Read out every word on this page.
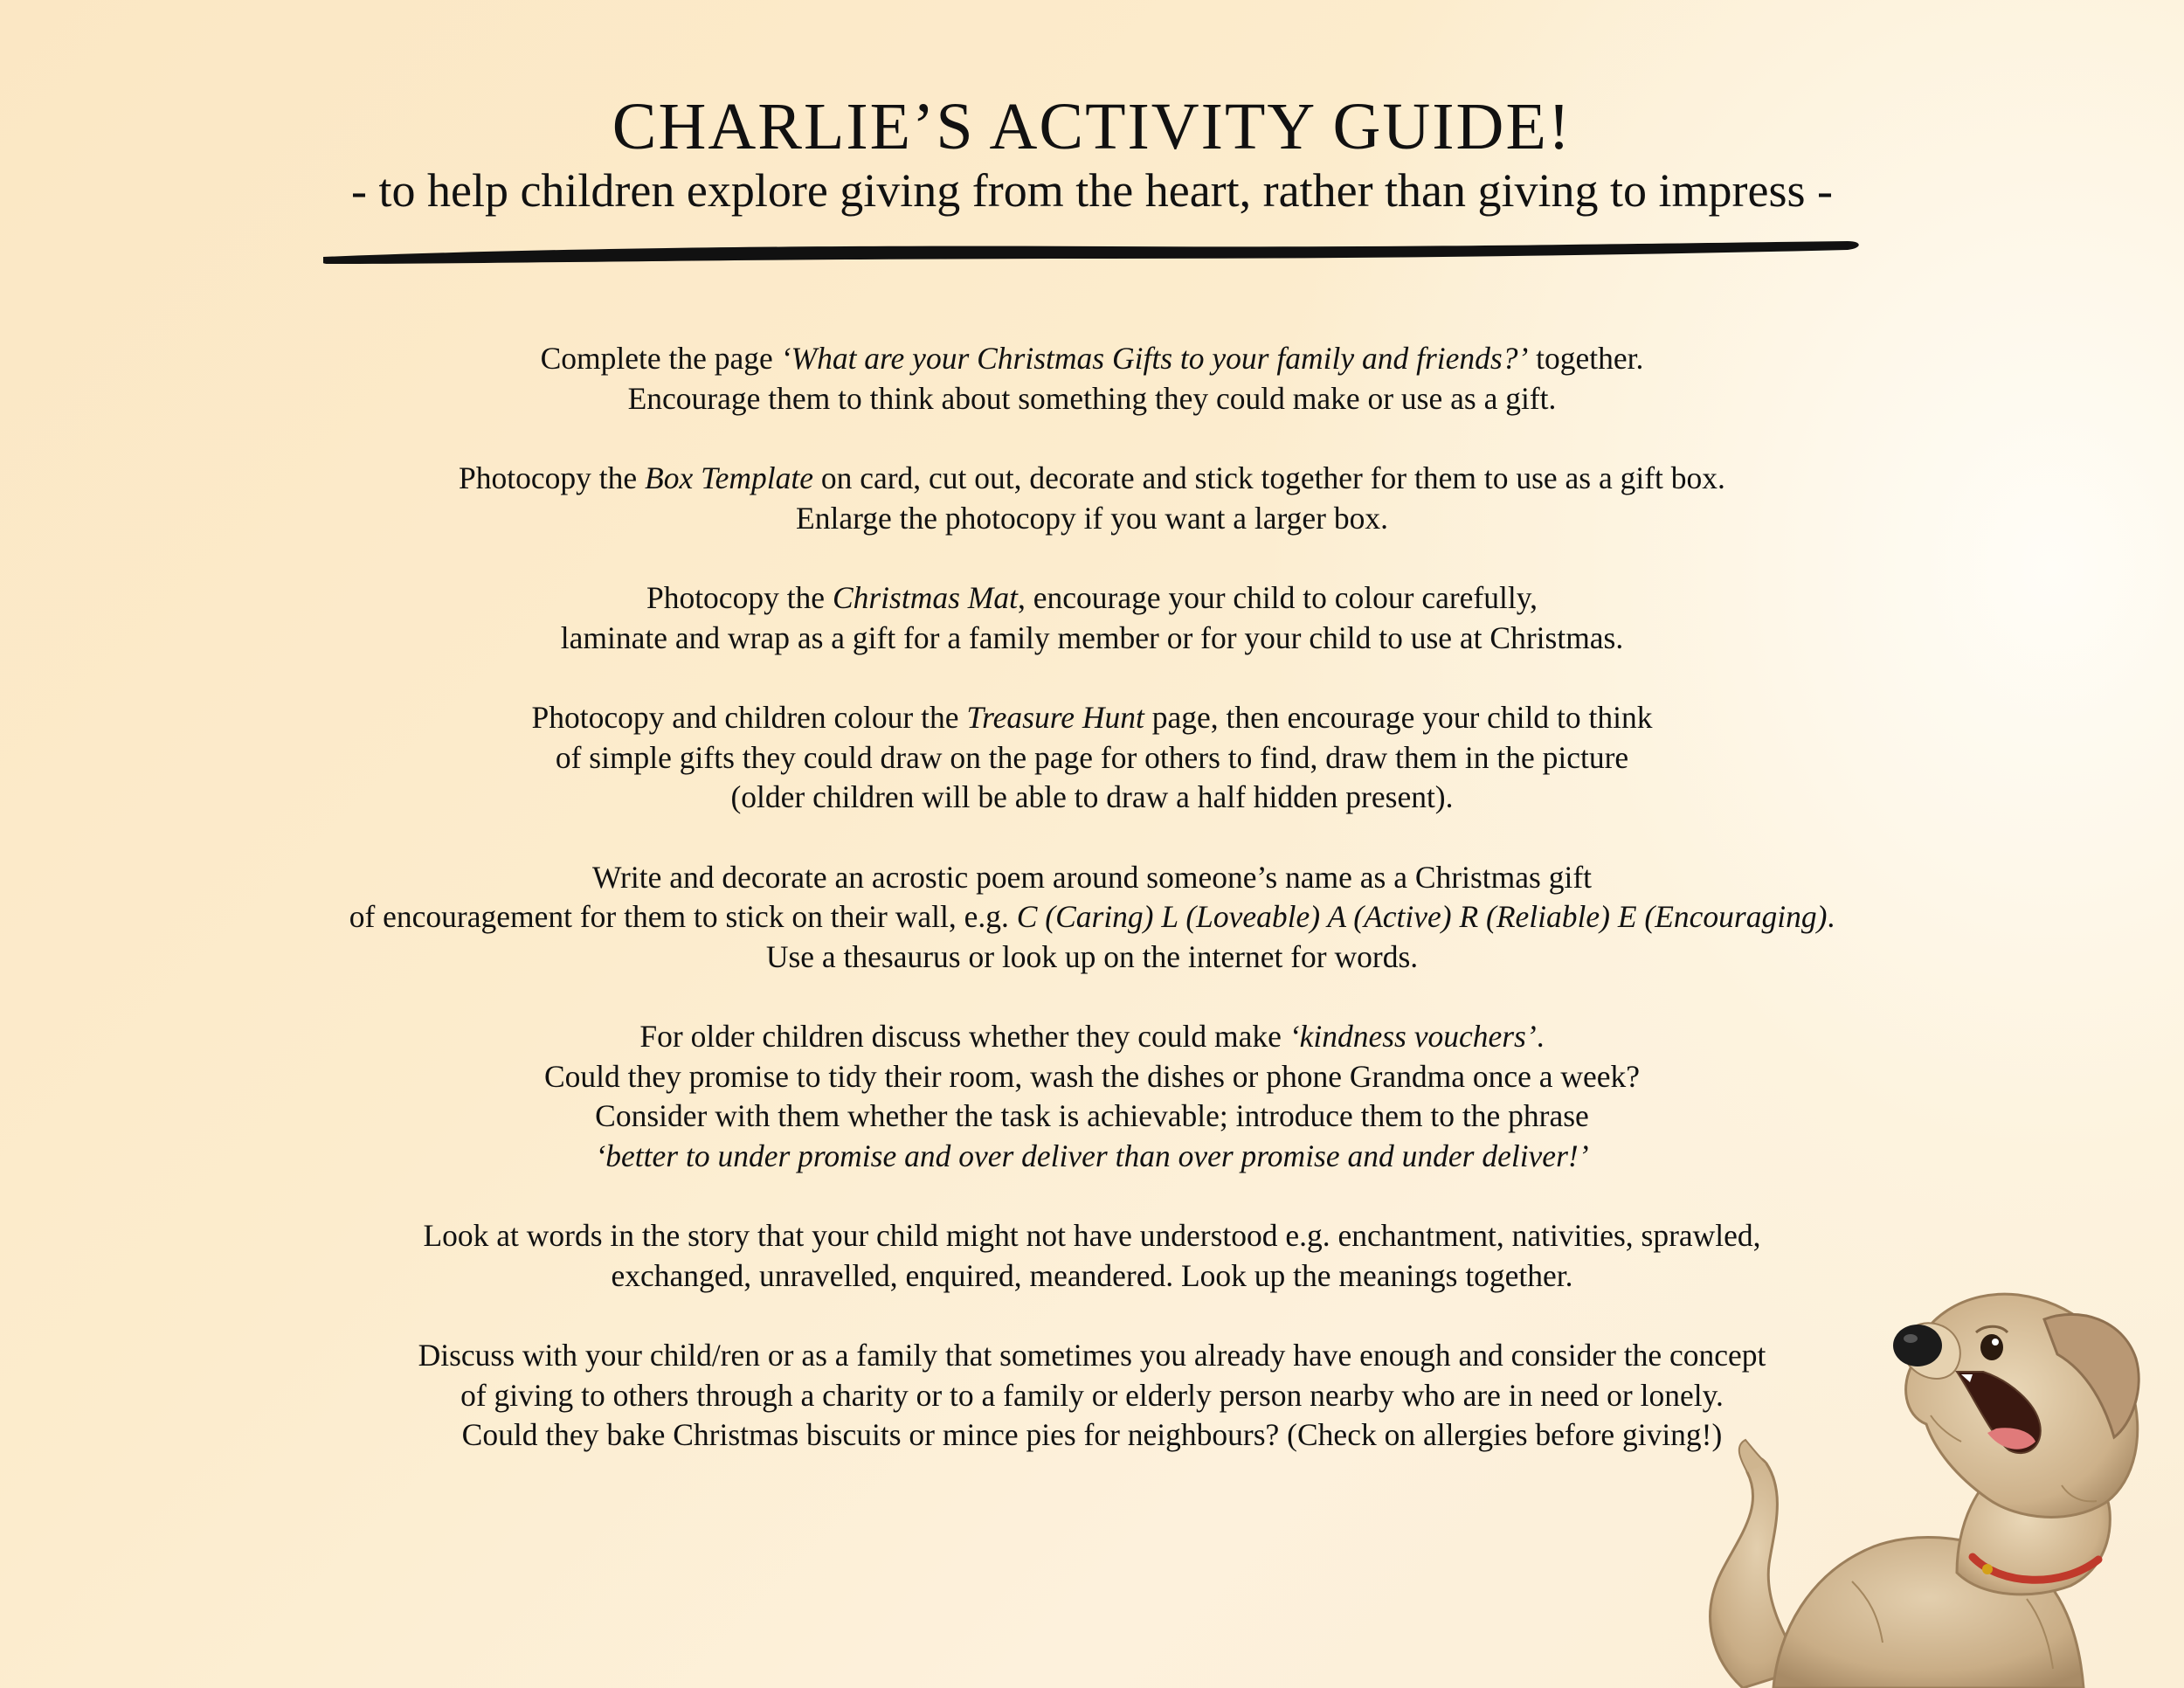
CHARLIE’S ACTIVITY GUIDE!
- to help children explore giving from the heart, rather than giving to impress -

Complete the page ‘What are your Christmas Gifts to your family and friends?’ together.
Encourage them to think about something they could make or use as a gift.

Photocopy the Box Template on card, cut out, decorate and stick together for them to use as a gift box.
Enlarge the photocopy if you want a larger box.

Photocopy the Christmas Mat, encourage your child to colour carefully,
laminate and wrap as a gift for a family member or for your child to use at Christmas.

Photocopy and children colour the Treasure Hunt page, then encourage your child to think
of simple gifts they could draw on the page for others to find, draw them in the picture
(older children will be able to draw a half hidden present).

Write and decorate an acrostic poem around someone’s name as a Christmas gift
of encouragement for them to stick on their wall, e.g. C (Caring) L (Loveable) A (Active) R (Reliable) E (Encouraging).
Use a thesaurus or look up on the internet for words.

For older children discuss whether they could make ‘kindness vouchers’.
Could they promise to tidy their room, wash the dishes or phone Grandma once a week?
Consider with them whether the task is achievable; introduce them to the phrase
‘better to under promise and over deliver than over promise and under deliver!’

Look at words in the story that your child might not have understood e.g. enchantment, nativities, sprawled,
exchanged, unravelled, enquired, meandered. Look up the meanings together.

Discuss with your child/ren or as a family that sometimes you already have enough and consider the concept
of giving to others through a charity or to a family or elderly person nearby who are in need or lonely.
Could they bake Christmas biscuits or mince pies for neighbours? (Check on allergies before giving!)
